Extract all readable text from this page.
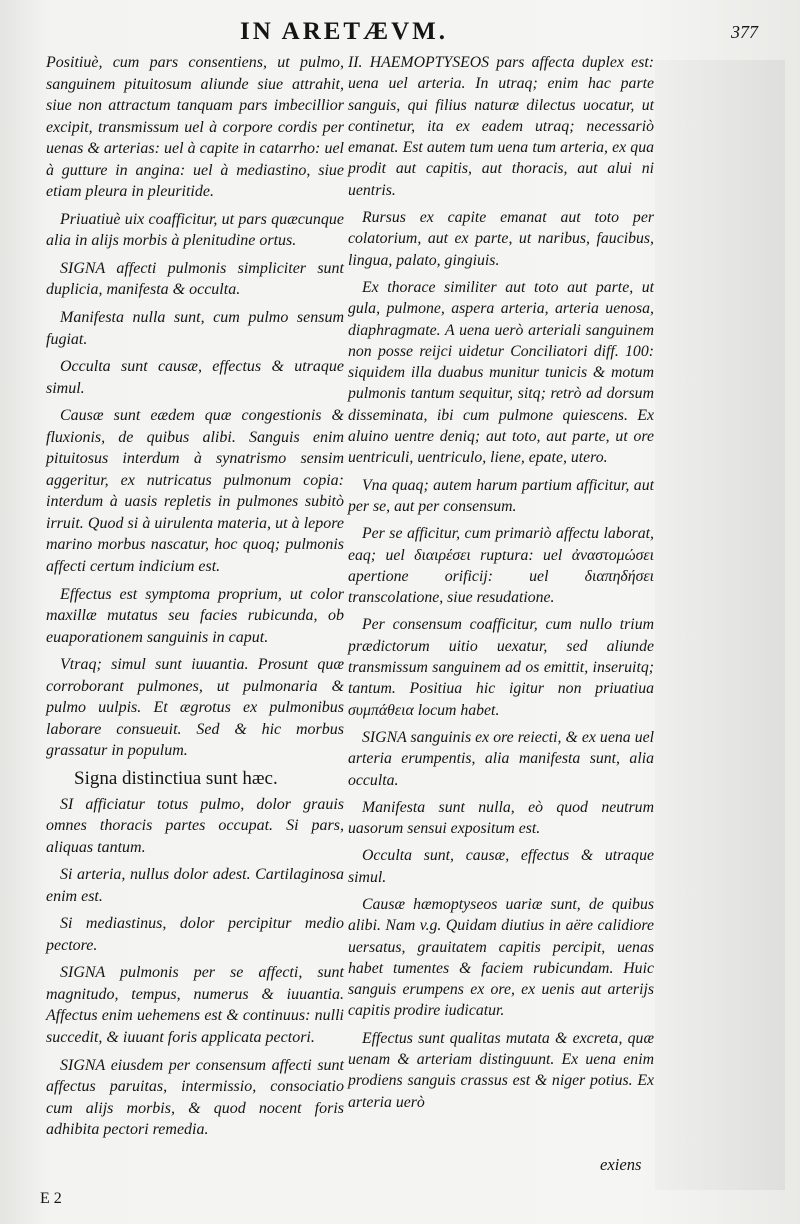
IN ARETÆVM.	377

Positiuè, cum pars consentiens, ut pulmo, sanguinem pituitosum aliunde siue attrahit, siue non attractum tanquam pars imbecillior excipit, transmissum uel à corpore cordis per uenas & arterias: uel à capite in catarrho: uel à gutture in angina: uel à mediastino, siue etiam pleura in pleuritide.

Priuatiuè uix coafficitur, ut pars quæcunque alia in alijs morbis à plenitudine ortus.

SIGNA affecti pulmonis simpliciter sunt duplicia, manifesta & occulta.

Manifesta nulla sunt, cum pulmo sensum fugiat.

Occulta sunt causæ, effectus & utraque simul.

Causæ sunt eædem quæ congestionis & fluxionis, de quibus alibi. Sanguis enim pituitosus interdum à synatrismo sensim aggeritur, ex nutricatus pulmonum copia: interdum à uasis repletis in pulmones subitò irruit. Quod si à uirulenta materia, ut à lepore marino morbus nascatur, hoc quoq; pulmonis affecti certum indicium est.

Effectus est symptoma proprium, ut color maxillæ mutatus seu facies rubicunda, ob euaporationem sanguinis in caput.

Vtraq; simul sunt iuuantia. Prosunt quæ corroborant pulmones, ut pulmonaria & pulmo uulpis. Et ægrotus ex pulmonibus laborare consueuit. Sed & hic morbus grassatur in populum.

Signa distinctiua sunt hæc.

SI afficiatur totus pulmo, dolor grauis omnes thoracis partes occupat. Si pars, aliquas tantum.

Si arteria, nullus dolor adest. Cartilaginosa enim est.

Si mediastinus, dolor percipitur medio pectore.

SIGNA pulmonis per se affecti, sunt magnitudo, tempus, numerus & iuuantia. Affectus enim uehemens est & continuus: nulli succedit, & iuuant foris applicata pectori.

SIGNA eiusdem per consensum affecti sunt affectus paruitas, intermissio, consociatio cum alijs morbis, & quod nocent foris adhibita pectori remedia.

II. HAEMOPTYSEOS pars affecta duplex est: uena uel arteria. In utraq; enim hac parte sanguis, qui filius naturæ dilectus uocatur, ut continetur, ita ex eadem utraq; necessariò emanat. Est autem tum uena tum arteria, ex qua prodit aut capitis, aut thoracis, aut alui ni uentris.

Rursus ex capite emanat aut toto per colatorium, aut ex parte, ut naribus, faucibus, lingua, palato, gingiuis.

Ex thorace similiter aut toto aut parte, ut gula, pulmone, aspera arteria, arteria uenosa, diaphragmate. A uena uerò arteriali sanguinem non posse reijci uidetur Conciliatori diff. 100: siquidem illa duabus munitur tunicis & motum pulmonis tantum sequitur, sitq; retrò ad dorsum disseminata, ibi cum pulmone quiescens. Ex aluino uentre deniq; aut toto, aut parte, ut ore uentriculi, uentriculo, liene, epate, utero.

Vna quaq; autem harum partium afficitur, aut per se, aut per consensum.

Per se afficitur, cum primariò affectu laborat, eaq; uel διαιρέσει ruptura: uel ἀναστομώσει apertione orificij: uel διαπηδήσει transcolatione, siue resudatione.

Per consensum coafficitur, cum nullo trium prædictorum uitio uexatur, sed aliunde transmissum sanguinem ad os emittit, inseruitq; tantum. Positiua hic igitur non priuatiua συμπάθεια locum habet.

SIGNA sanguinis ex ore reiecti, & ex uena uel arteria erumpentis, alia manifesta sunt, alia occulta.

Manifesta sunt nulla, eò quod neutrum uasorum sensui expositum est.

Occulta sunt, causæ, effectus & utraque simul.

Causæ hæmoptyseos uariæ sunt, de quibus alibi. Nam v.g. Quidam diutius in aëre calidiore uersatus, grauitatem capitis percipit, uenas habet tumentes & faciem rubicundam. Huic sanguis erumpens ex ore, ex uenis aut arterijs capitis prodire iudicatur.

Effectus sunt qualitas mutata & excreta, quæ uenam & arteriam distinguunt. Ex uena enim prodiens sanguis crassus est & niger potius. Ex arteria uerò

exiens
E 2
